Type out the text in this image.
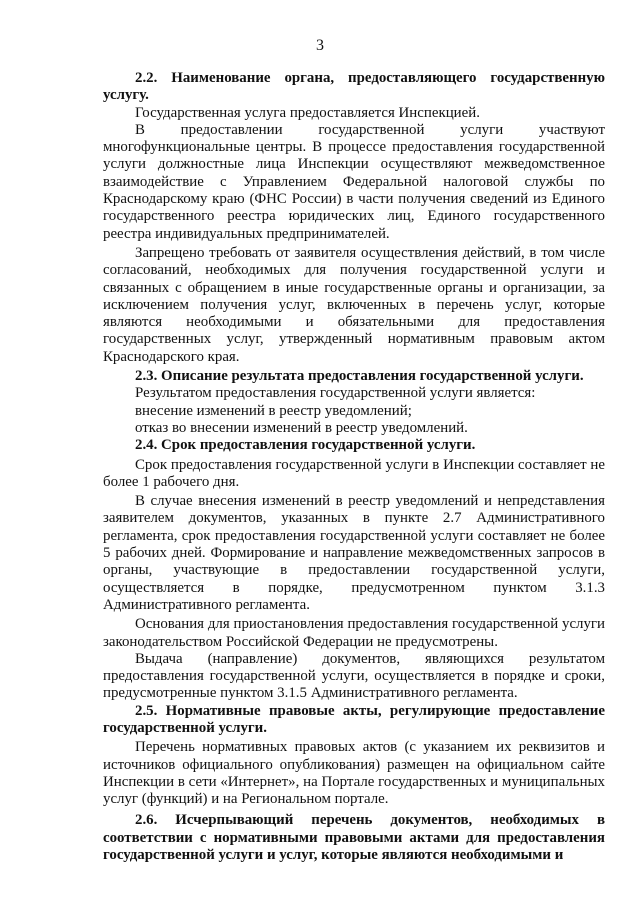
3

2.2. Наименование органа, предоставляющего государственную услугу.

Государственная услуга предоставляется Инспекцией.

В предоставлении государственной услуги участвуют многофункциональные центры. В процессе предоставления государственной услуги должностные лица Инспекции осуществляют межведомственное взаимодействие с Управлением Федеральной налоговой службы по Краснодарскому краю (ФНС России) в части получения сведений из Единого государственного реестра юридических лиц, Единого государственного реестра индивидуальных предпринимателей.

Запрещено требовать от заявителя осуществления действий, в том числе согласований, необходимых для получения государственной услуги и связанных с обращением в иные государственные органы и организации, за исключением получения услуг, включенных в перечень услуг, которые являются необходимыми и обязательными для предоставления государственных услуг, утвержденный нормативным правовым актом Краснодарского края.

2.3. Описание результата предоставления государственной услуги.

Результатом предоставления государственной услуги является:

внесение изменений в реестр уведомлений;

отказ во внесении изменений в реестр уведомлений.

2.4. Срок предоставления государственной услуги.

Срок предоставления государственной услуги в Инспекции составляет не более 1 рабочего дня.

В случае внесения изменений в реестр уведомлений и непредставления заявителем документов, указанных в пункте 2.7 Административного регламента, срок предоставления государственной услуги составляет не более 5 рабочих дней. Формирование и направление межведомственных запросов в органы, участвующие в предоставлении государственной услуги, осуществляется в порядке, предусмотренном пунктом 3.1.3 Административного регламента.

Основания для приостановления предоставления государственной услуги законодательством Российской Федерации не предусмотрены.

Выдача (направление) документов, являющихся результатом предоставления государственной услуги, осуществляется в порядке и сроки, предусмотренные пунктом 3.1.5 Административного регламента.

2.5. Нормативные правовые акты, регулирующие предоставление государственной услуги.

Перечень нормативных правовых актов (с указанием их реквизитов и источников официального опубликования) размещен на официальном сайте Инспекции в сети «Интернет», на Портале государственных и муниципальных услуг (функций) и на Региональном портале.

2.6. Исчерпывающий перечень документов, необходимых в соответствии с нормативными правовыми актами для предоставления государственной услуги и услуг, которые являются необходимыми и
